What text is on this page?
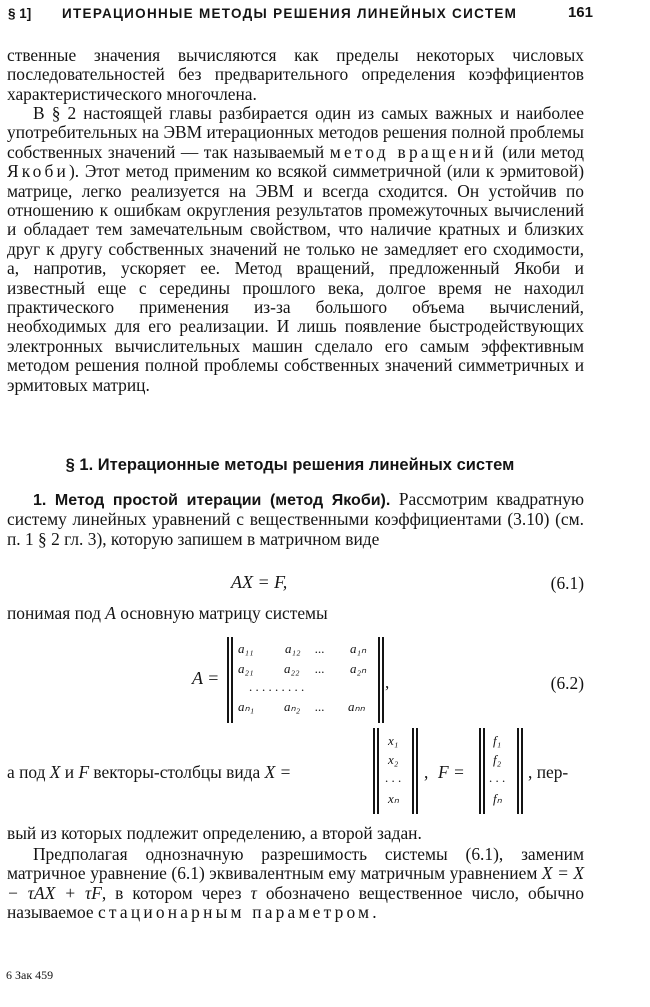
§ 1] ИТЕРАЦИОННЫЕ МЕТОДЫ РЕШЕНИЯ ЛИНЕЙНЫХ СИСТЕМ	161

ственные значения вычисляются как пределы некоторых числовых последовательностей без предварительного определения коэффициентов характеристического многочлена.

В § 2 настоящей главы разбирается один из самых важных и наиболее употребительных на ЭВМ итерационных методов решения полной проблемы собственных значений — так называемый метод вращений (или метод Якоби). Этот метод применим ко всякой симметричной (или к эрмитовой) матрице, легко реализуется на ЭВМ и всегда сходится. Он устойчив по отношению к ошибкам округления результатов промежуточных вычислений и обладает тем замечательным свойством, что наличие кратных и близких друг к другу собственных значений не только не замедляет его сходимости, а, напротив, ускоряет ее. Метод вращений, предложенный Якоби и известный еще с середины прошлого века, долгое время не находил практического применения из-за большого объема вычислений, необходимых для его реализации. И лишь появление быстродействующих электронных вычислительных машин сделало его самым эффективным методом решения полной проблемы собственных значений симметричных и эрмитовых матриц.

§ 1. Итерационные методы решения линейных систем

1. Метод простой итерации (метод Якоби). Рассмотрим квадратную систему линейных уравнений с вещественными коэффициентами (3.10) (см. п. 1 § 2 гл. 3), которую запишем в матричном виде

AX = F,	(6.1)
понимая под A основную матрицу системы
A =
a₁₁ a₁₂ ... a₁ₙ
a₂₁ a₂₂ ... a₂ₙ
. . . . . . . . .
aₙ₁ aₙ₂ ... aₙₙ
,	(6.2)
а под X и F векторы-столбцы вида X =
x₁
x₂
. . .
xₙ
, F =
f₁
f₂
. . .
fₙ
, пер-
вый из которых подлежит определению, а второй задан.

Предполагая однозначную разрешимость системы (6.1), заменим матричное уравнение (6.1) эквивалентным ему матричным уравнением X = X − τAX + τF, в котором через τ обозначено вещественное число, обычно называемое стационарным параметром.

6 Зак 459
